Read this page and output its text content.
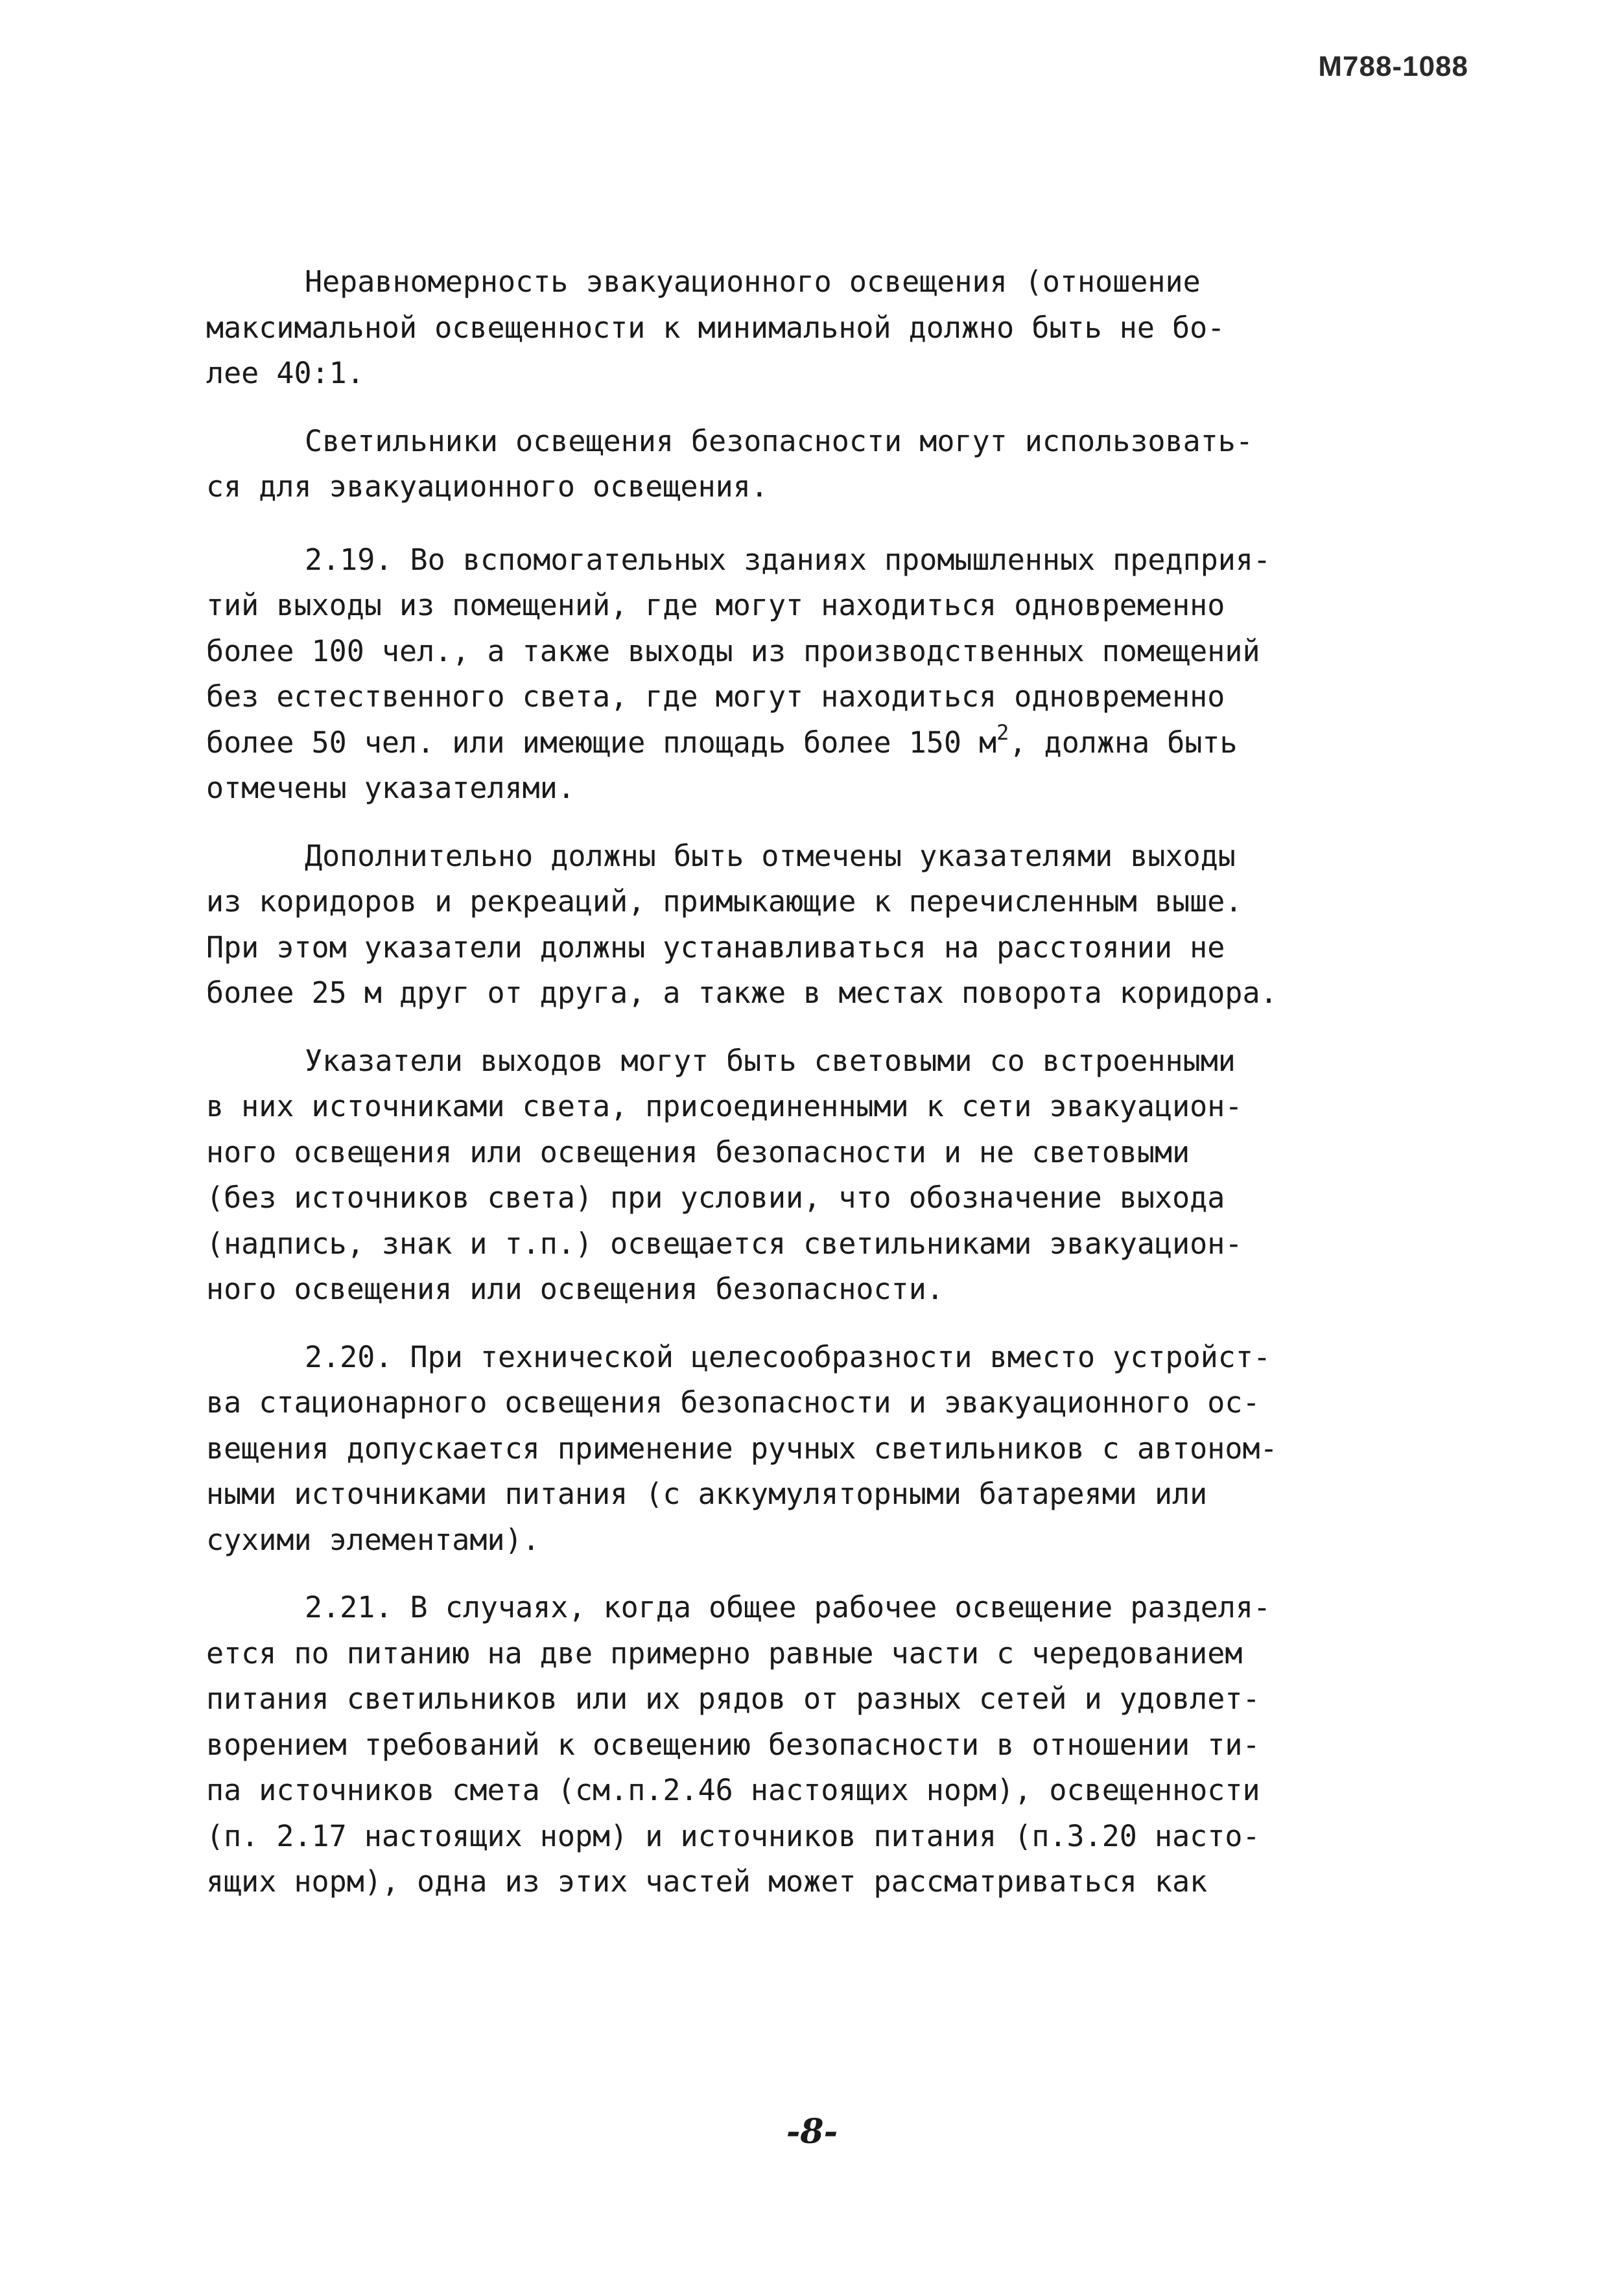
М788-1088

Неравномерность эвакуационного освещения (отношение
максимальной освещенности к минимальной должно быть не бо-
лее 40:1.

Светильники освещения безопасности могут использовать-
ся для эвакуационного освещения.

2.19. Во вспомогательных зданиях промышленных предприя-
тий выходы из помещений, где могут находиться одновременно
более 100 чел., а также выходы из производственных помещений
без естественного света, где могут находиться одновременно
более 50 чел. или имеющие площадь более 150 $м^2$, должна быть
отмечены указателями.

Дополнительно должны быть отмечены указателями выходы
из коридоров и рекреаций, примыкающие к перечисленным выше.
При этом указатели должны устанавливаться на расстоянии не
более 25 м друг от друга, а также в местах поворота коридора.

Указатели выходов могут быть световыми со встроенными
в них источниками света, присоединенными к сети эвакуацион-
ного освещения или освещения безопасности и не световыми
(без источников света) при условии, что обозначение выхода
(надпись, знак и т.п.) освещается светильниками эвакуацион-
ного освещения или освещения безопасности.

2.20. При технической целесообразности вместо устройст-
ва стационарного освещения безопасности и эвакуационного ос-
вещения допускается применение ручных светильников с автоном-
ными источниками питания (с аккумуляторными батареями или
сухими элементами).

2.21. В случаях, когда общее рабочее освещение разделя-
ется по питанию на две примерно равные части с чередованием
питания светильников или их рядов от разных сетей и удовлет-
ворением требований к освещению безопасности в отношении ти-
па источников смета (см.п.2.46 настоящих норм), освещенности
(п. 2.17 настоящих норм) и источников питания (п.3.20 насто-
ящих норм), одна из этих частей может рассматриваться как

-8-
